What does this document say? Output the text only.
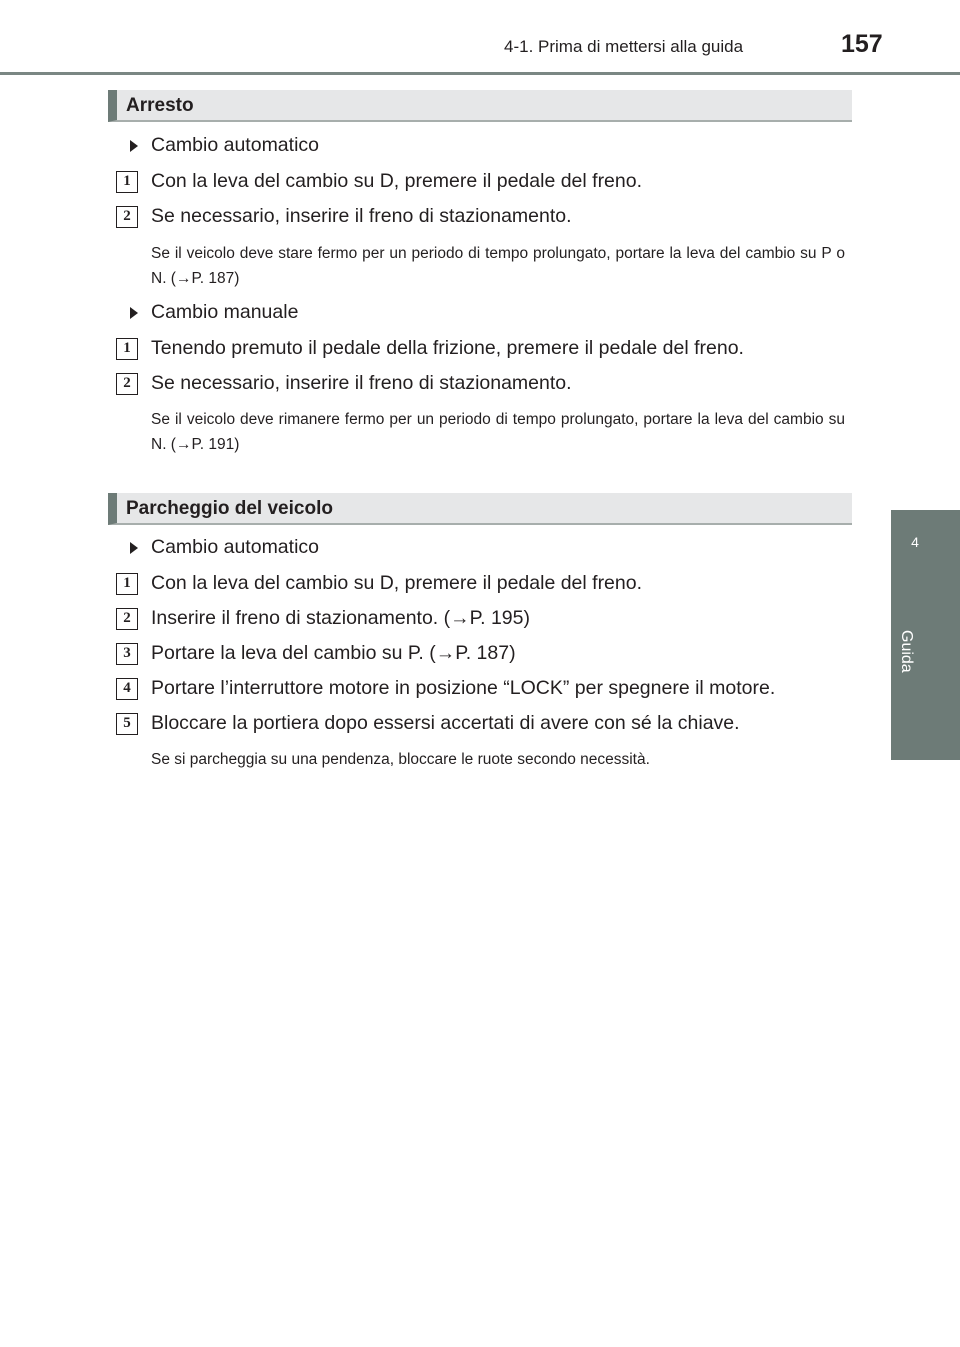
4-1. Prima di mettersi alla guida	157
4
Guida
Arresto
Cambio automatico
1	Con la leva del cambio su D, premere il pedale del freno.
2	Se necessario, inserire il freno di stazionamento.
Se il veicolo deve stare fermo per un periodo di tempo prolungato, portare la leva del cambio su P o N. (→P. 187)
Cambio manuale
1	Tenendo premuto il pedale della frizione, premere il pedale del freno.
2	Se necessario, inserire il freno di stazionamento.
Se il veicolo deve rimanere fermo per un periodo di tempo prolungato, portare la leva del cambio su N. (→P. 191)
Parcheggio del veicolo
Cambio automatico
1	Con la leva del cambio su D, premere il pedale del freno.
2	Inserire il freno di stazionamento. (→P. 195)
3	Portare la leva del cambio su P. (→P. 187)
4	Portare l’interruttore motore in posizione “LOCK” per spegnere il motore.
5	Bloccare la portiera dopo essersi accertati di avere con sé la chiave.
Se si parcheggia su una pendenza, bloccare le ruote secondo necessità.
